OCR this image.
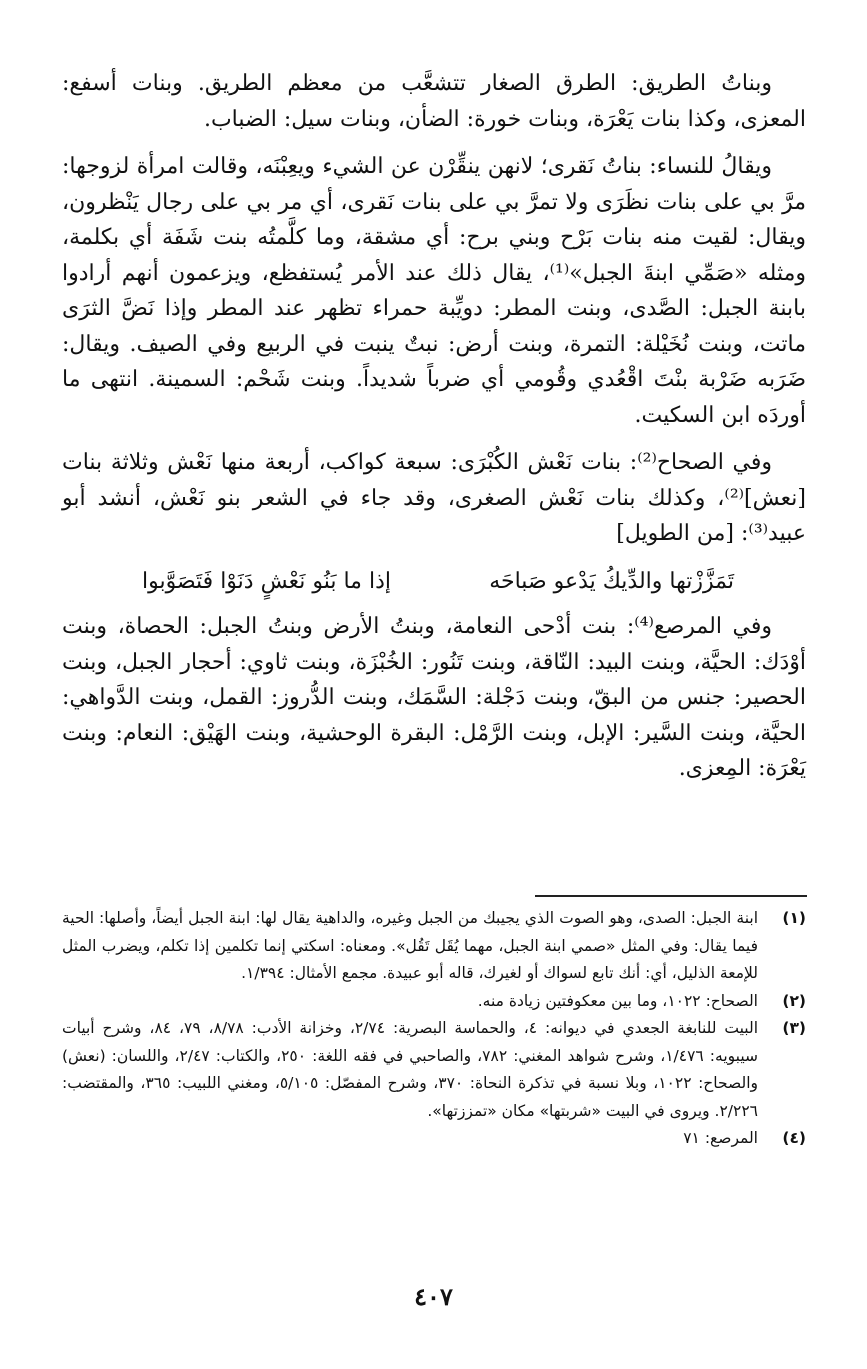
وبناتُ الطريق: الطرق الصغار تتشعَّب من معظم الطريق. وبنات أسفع: المعزى، وكذا بنات يَعْرَة، وبنات خورة: الضأن، وبنات سيل: الضباب.

ويقالُ للنساء: بناتُ نَقرى؛ لانهن ينقِّرْن عن الشيء ويعِبْنَه، وقالت امرأة لزوجها: مرَّ بي على بنات نظَرَى ولا تمرَّ بي على بنات نَقرى، أي مر بي على رجال يَنْظرون، ويقال: لقيت منه بنات بَرْح وبني برح: أي مشقة، وما كلَّمتُه بنت شَفَة أي بكلمة، ومثله «صَمِّي ابنةَ الجبل»⁽¹⁾، يقال ذلك عند الأمر يُستفظع، ويزعمون أنهم أرادوا بابنة الجبل: الصَّدى، وبنت المطر: دويِّبة حمراء تظهر عند المطر وإذا نَضَّ الثرَى ماتت، وبنت نُخَيْلة: التمرة، وبنت أرض: نبتٌ ينبت في الربيع وفي الصيف. ويقال: ضَرَبه ضَرْبة بنْتَ اقْعُدي وقُومي أي ضرباً شديداً. وبنت شَحْم: السمينة. انتهى ما أوردَه ابن السكيت.

وفي الصحاح⁽²⁾: بنات نَعْش الكُبْرَى: سبعة كواكب، أربعة منها نَعْش وثلاثة بنات [نعش]⁽²⁾، وكذلك بنات نَعْش الصغرى، وقد جاء في الشعر بنو نَعْش، أنشد أبو عبيد⁽³⁾: [من الطويل]

تَمَزَّزْتها والدِّيكُ يَدْعو صَباحَه
إذا ما بَنُو نَعْشٍ دَنَوْا فَتَصَوَّبوا

وفي المرصع⁽⁴⁾: بنت أدْحى النعامة، وبنتُ الأرض وبنتُ الجبل: الحصاة، وبنت أوْدَك: الحيَّة، وبنت البيد: النّاقة، وبنت تَنُور: الخُبْزَة، وبنت ثاوي: أحجار الجبل، وبنت الحصير: جنس من البقّ، وبنت دَجْلة: السَّمَك، وبنت الدُّروز: القمل، وبنت الدَّواهي: الحيَّة، وبنت السَّير: الإبل، وبنت الرَّمْل: البقرة الوحشية، وبنت الهَيْق: النعام: وبنت يَعْرَة: المِعزى.

(١)
ابنة الجبل: الصدى، وهو الصوت الذي يجيبك من الجبل وغيره، والداهية يقال لها: ابنة الجبل أيضاً، وأصلها: الحية فيما يقال: وفي المثل «صمي ابنة الجبل، مهما يُقَل تَقُل». ومعناه: اسكتي إنما تكلمين إذا تكلم، ويضرب المثل للإمعة الذليل، أي: أنك تابع لسواك أو لغيرك، قاله أبو عبيدة. مجمع الأمثال: ١/٣٩٤.
(٢)
الصحاح: ١٠٢٢، وما بين معكوفتين زيادة منه.
(٣)
البيت للنابغة الجعدي في ديوانه: ٤، والحماسة البصرية: ٢/٧٤، وخزانة الأدب: ٨/٧٨، ٧٩، ٨٤، وشرح أبيات سيبويه: ١/٤٧٦، وشرح شواهد المغني: ٧٨٢، والصاحبي في فقه اللغة: ٢٥٠، والكتاب: ٢/٤٧، واللسان: (نعش) والصحاح: ١٠٢٢، وبلا نسبة في تذكرة النحاة: ٣٧٠، وشرح المفصّل: ٥/١٠٥، ومغني اللبيب: ٣٦٥، والمقتضب: ٢/٢٢٦. ويروى في البيت «شربتها» مكان «تمززتها».
(٤)
المرصع: ٧١
٤٠٧
